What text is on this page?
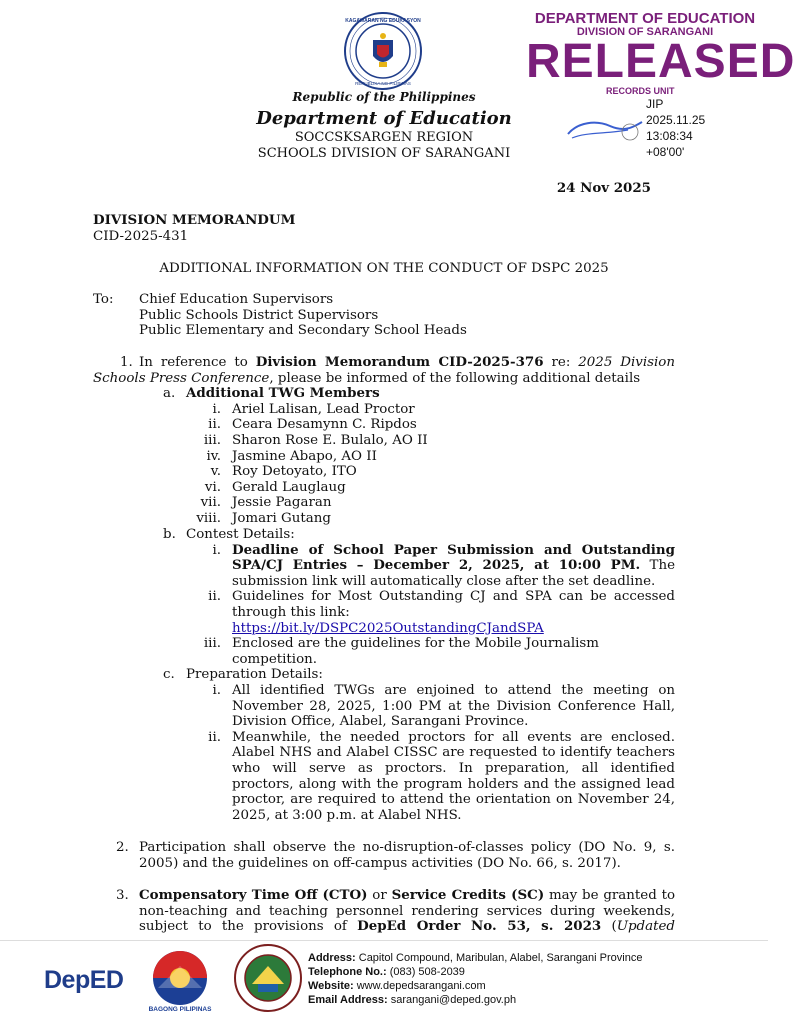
KAGAWARAN NG EDUKASYON
REPUBLIKA NG PILIPINAS
Republic of the Philippines
Department of Education
SOCCSKSARGEN REGION
SCHOOLS DIVISION OF SARANGANI
DEPARTMENT OF EDUCATION
DIVISION OF SARANGANI
RELEASED
RECORDS UNIT
JIP
2025.11.25
13:08:34
+08'00'
24 Nov 2025
DIVISION MEMORANDUM
CID-2025-431
ADDITIONAL INFORMATION ON THE CONDUCT OF DSPC 2025
To: Chief Education Supervisors
Public Schools District Supervisors
Public Elementary and Secondary School Heads
1. In reference to Division Memorandum CID-2025-376 re: 2025 Division
Schools Press Conference, please be informed of the following additional details
a. Additional TWG Members
i. Ariel Lalisan, Lead Proctor
ii. Ceara Desamynn C. Ripdos
iii. Sharon Rose E. Bulalo, AO II
iv. Jasmine Abapo, AO II
v. Roy Detoyato, ITO
vi. Gerald Lauglaug
vii. Jessie Pagaran
viii. Jomari Gutang
b. Contest Details:
i. Deadline of School Paper Submission and Outstanding
SPA/CJ Entries – December 2, 2025, at 10:00 PM. The
submission link will automatically close after the set deadline.
ii. Guidelines for Most Outstanding CJ and SPA can be accessed
through this link:
https://bit.ly/DSPC2025OutstandingCJandSPA
iii. Enclosed are the guidelines for the Mobile Journalism
competition.
c. Preparation Details:
i. All identified TWGs are enjoined to attend the meeting on
November 28, 2025, 1:00 PM at the Division Conference Hall,
Division Office, Alabel, Sarangani Province.
ii. Meanwhile, the needed proctors for all events are enclosed.
Alabel NHS and Alabel CISSC are requested to identify teachers
who will serve as proctors. In preparation, all identified
proctors, along with the program holders and the assigned lead
proctor, are required to attend the orientation on November 24,
2025, at 3:00 p.m. at Alabel NHS.
2. Participation shall observe the no-disruption-of-classes policy (DO No. 9, s.
2005) and the guidelines on off-campus activities (DO No. 66, s. 2017).
3. Compensatory Time Off (CTO) or Service Credits (SC) may be granted to
non-teaching and teaching personnel rendering services during weekends,
subject to the provisions of DepEd Order No. 53, s. 2023 (Updated
DepED
BAGONG PILIPINAS
Address: Capitol Compound, Maribulan, Alabel, Sarangani Province
Telephone No.: (083) 508-2039
Website: www.depedsarangani.com
Email Address: sarangani@deped.gov.ph
